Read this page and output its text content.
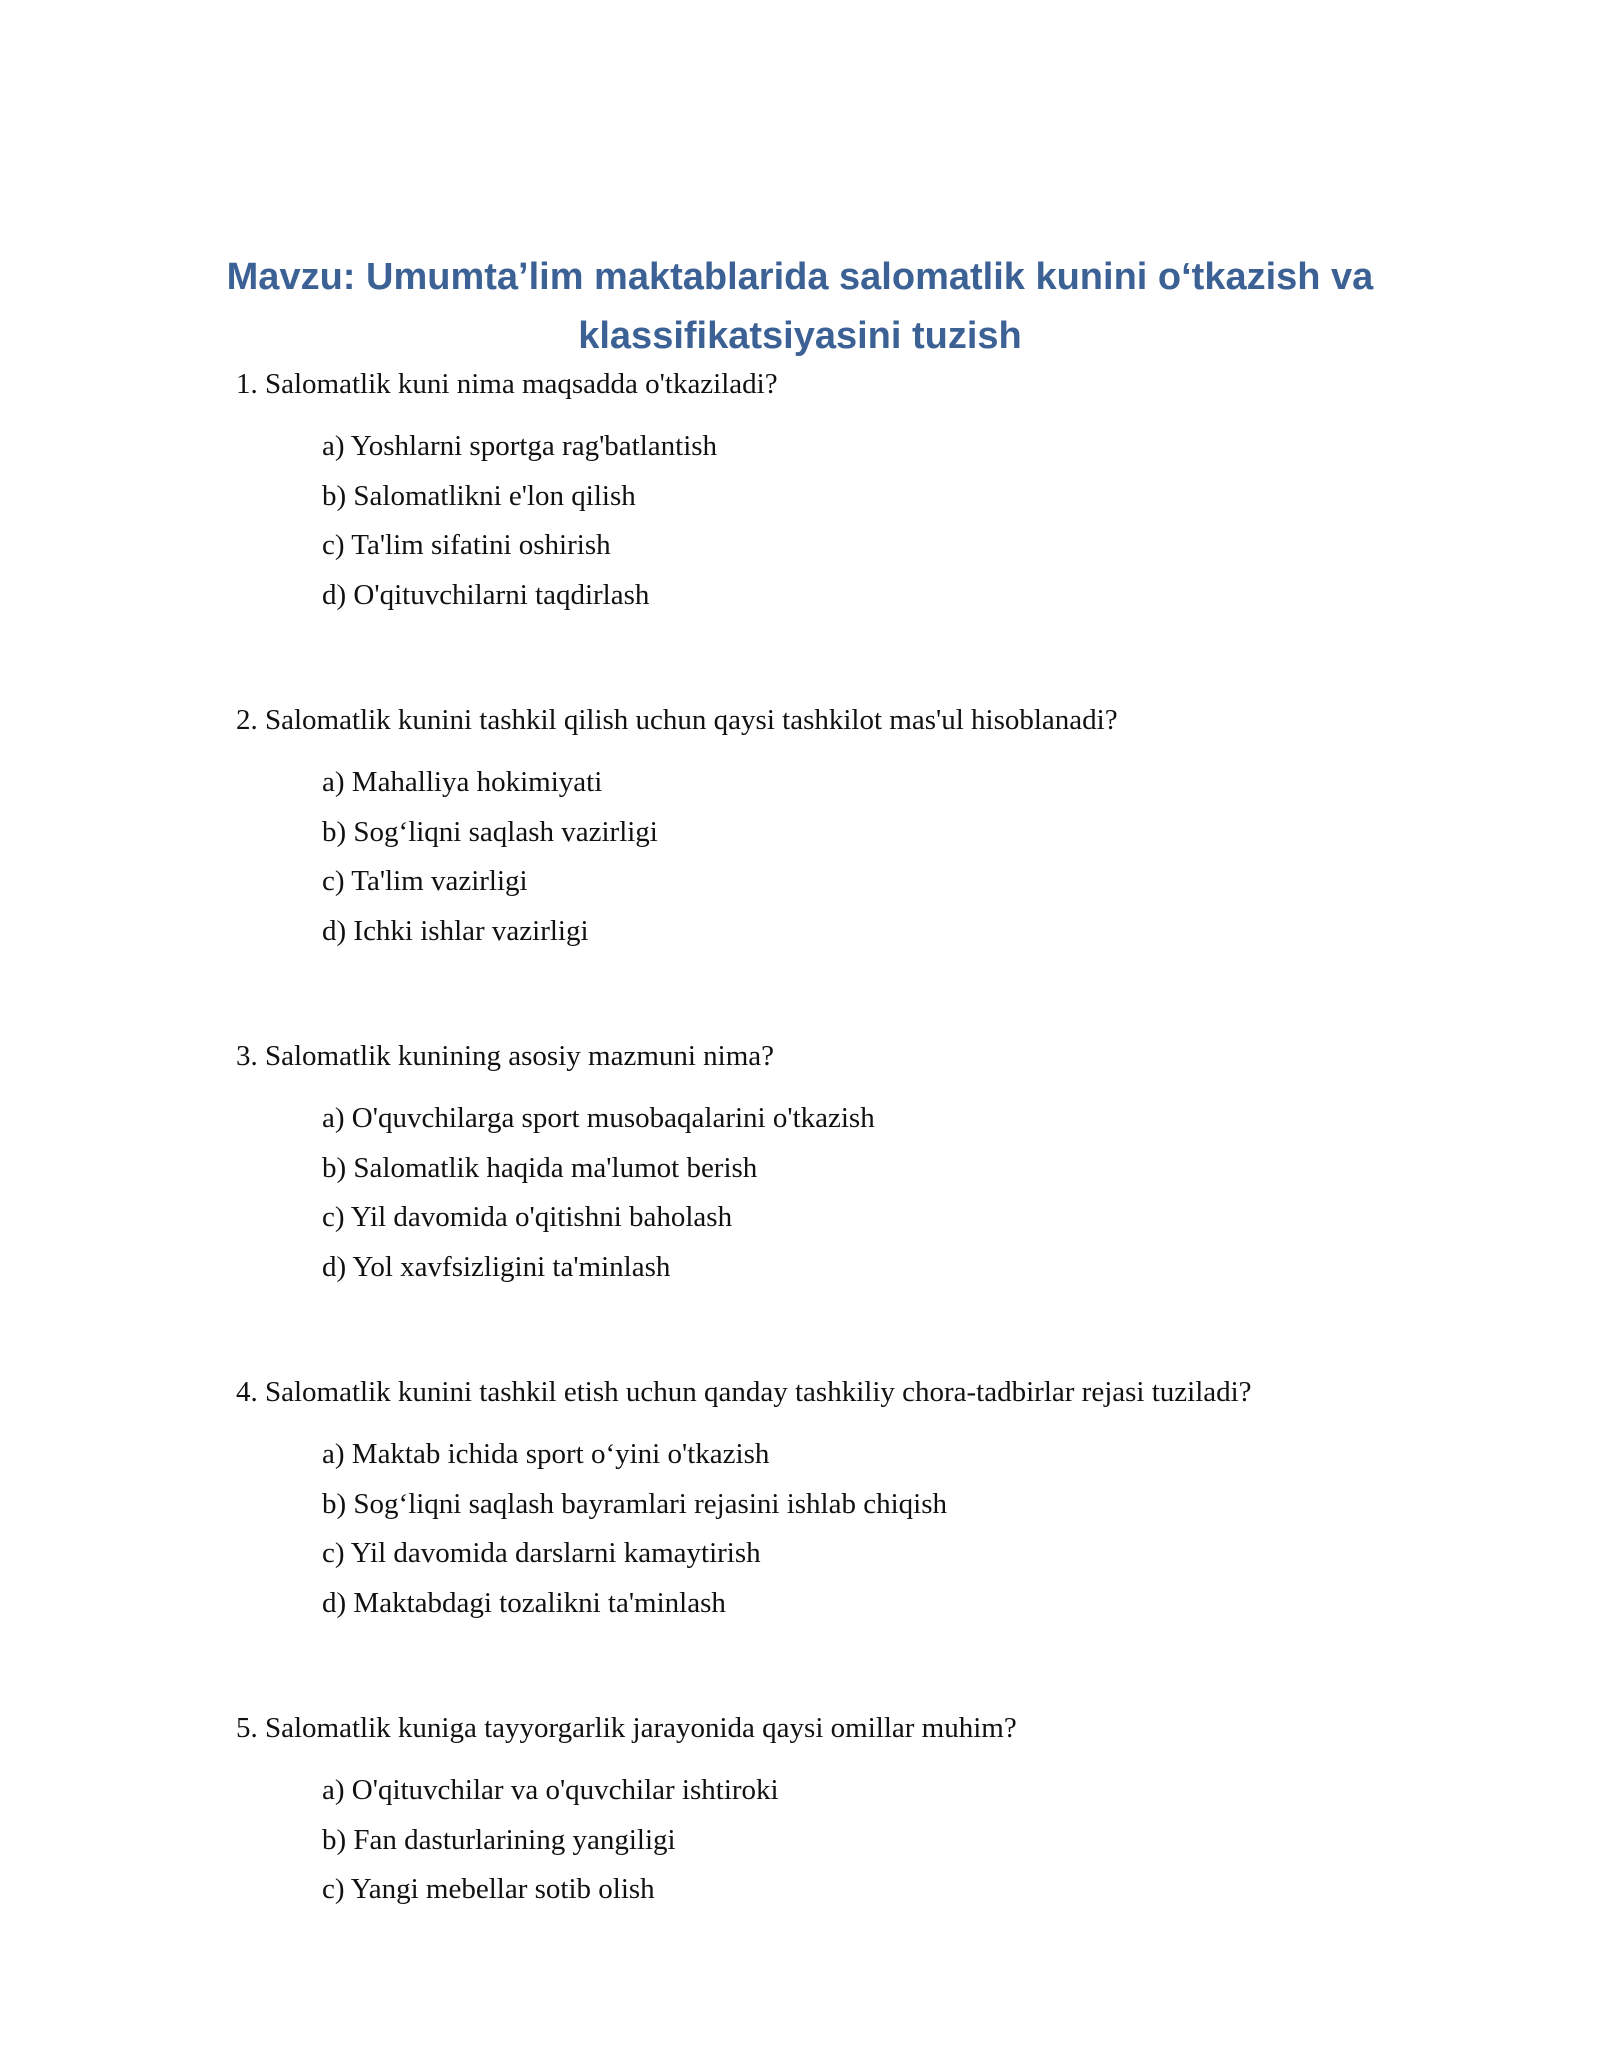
Mavzu: Umumta’lim maktablarida salomatlik kunini o‘tkazish va
klassifikatsiyasini tuzish

1. Salomatlik kuni nima maqsadda o'tkaziladi?

a) Yoshlarni sportga rag'batlantish
b) Salomatlikni e'lon qilish
c) Ta'lim sifatini oshirish
d) O'qituvchilarni taqdirlash

2. Salomatlik kunini tashkil qilish uchun qaysi tashkilot mas'ul hisoblanadi?

a) Mahalliya hokimiyati
b) Sog‘liqni saqlash vazirligi
c) Ta'lim vazirligi
d) Ichki ishlar vazirligi

3. Salomatlik kunining asosiy mazmuni nima?

a) O'quvchilarga sport musobaqalarini o'tkazish
b) Salomatlik haqida ma'lumot berish
c) Yil davomida o'qitishni baholash
d) Yol xavfsizligini ta'minlash

4. Salomatlik kunini tashkil etish uchun qanday tashkiliy chora-tadbirlar rejasi tuziladi?

a) Maktab ichida sport o‘yini o'tkazish
b) Sog‘liqni saqlash bayramlari rejasini ishlab chiqish
c) Yil davomida darslarni kamaytirish
d) Maktabdagi tozalikni ta'minlash

5. Salomatlik kuniga tayyorgarlik jarayonida qaysi omillar muhim?

a) O'qituvchilar va o'quvchilar ishtiroki
b) Fan dasturlarining yangiligi
c) Yangi mebellar sotib olish
